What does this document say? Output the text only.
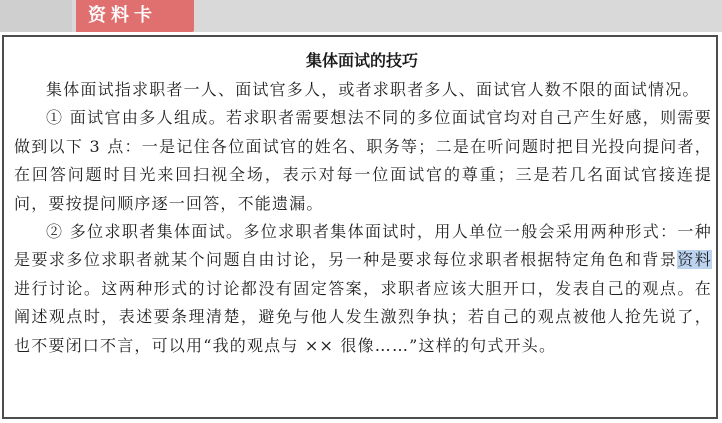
资料卡
集体面试的技巧

集体面试指求职者一人、面试官多人，或者求职者多人、面试官人数不限的面试情况。

① 面试官由多人组成。若求职者需要想法不同的多位面试官均对自己产生好感，则需要做到以下 3 点：一是记住各位面试官的姓名、职务等；二是在听问题时把目光投向提问者，在回答问题时目光来回扫视全场，表示对每一位面试官的尊重；三是若几名面试官接连提问，要按提问顺序逐一回答，不能遗漏。

② 多位求职者集体面试。多位求职者集体面试时，用人单位一般会采用两种形式：一种是要求多位求职者就某个问题自由讨论，另一种是要求每位求职者根据特定角色和背景资料进行讨论。这两种形式的讨论都没有固定答案，求职者应该大胆开口，发表自己的观点。在阐述观点时，表述要条理清楚，避免与他人发生激烈争执；若自己的观点被他人抢先说了，也不要闭口不言，可以用“我的观点与 ×× 很像……”这样的句式开头。
